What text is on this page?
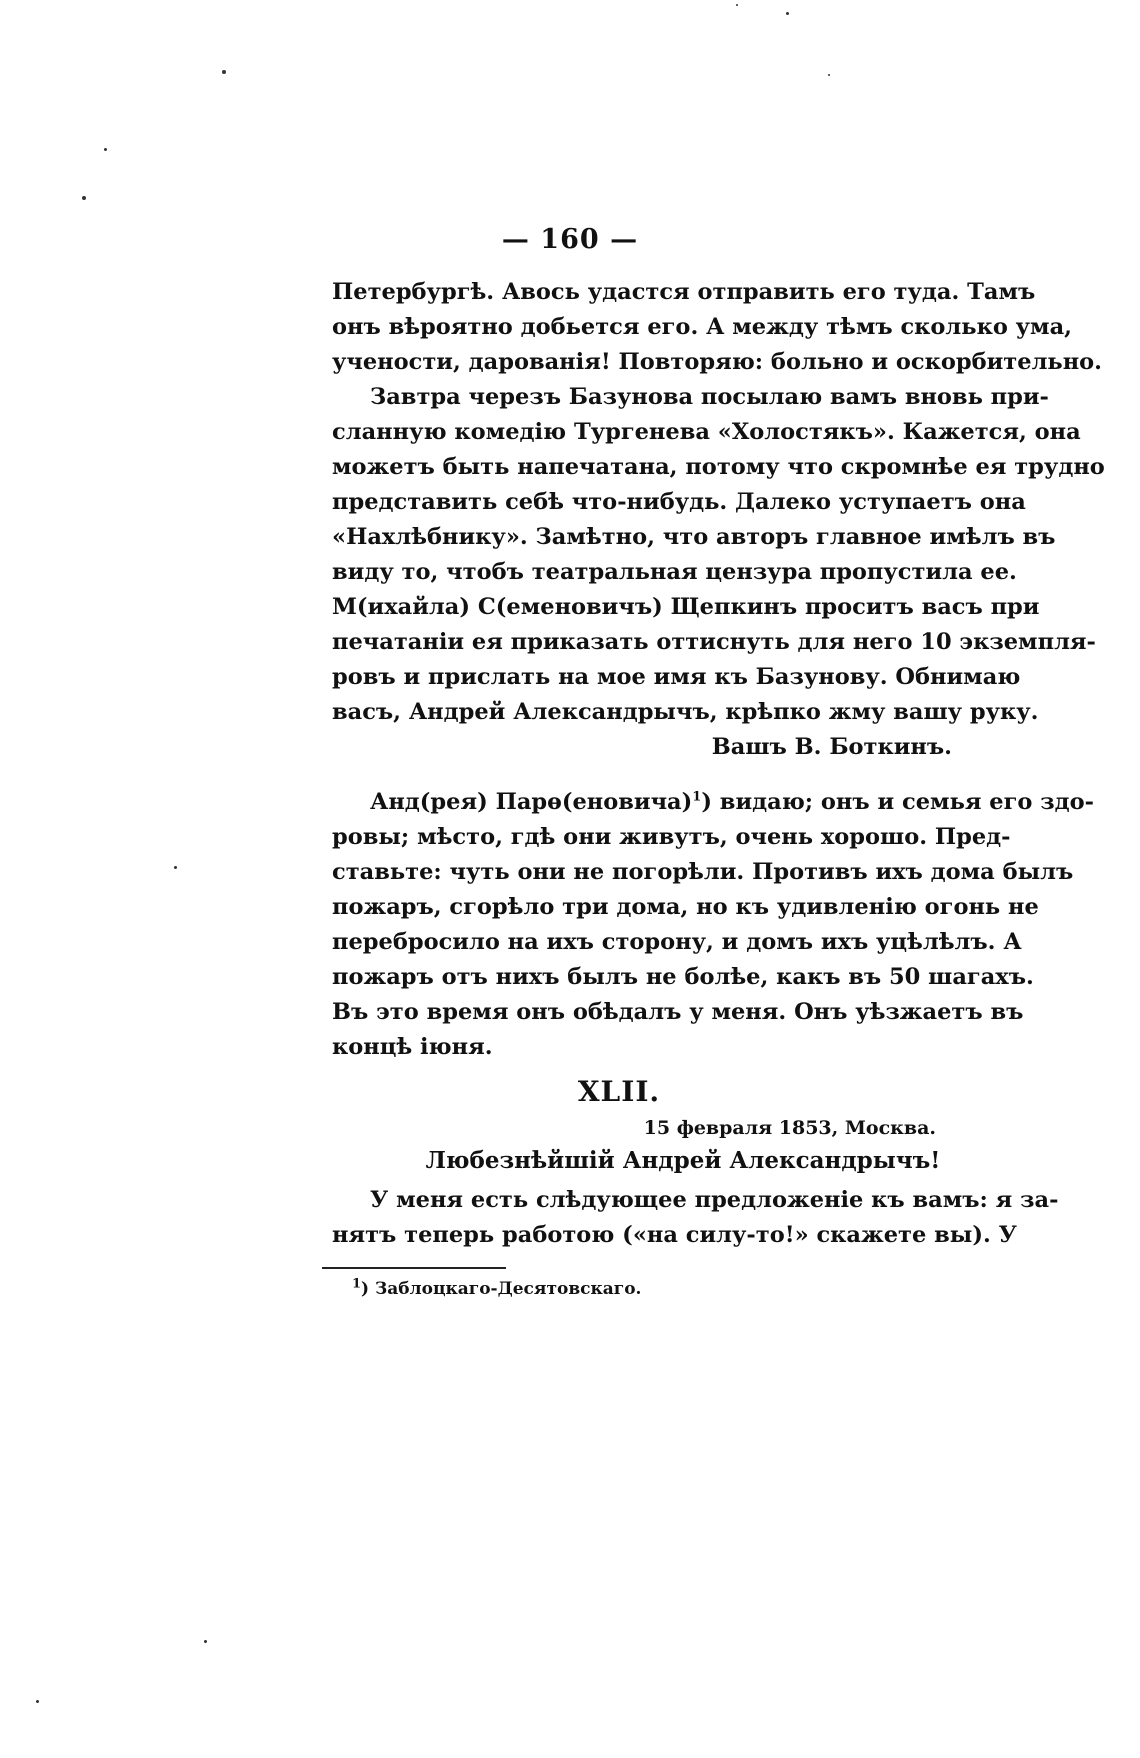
— 160 —
Петербургѣ. Авось удастся отправить его туда. Тамъ
онъ вѣроятно добьется его. А между тѣмъ сколько ума,
учености, дарованія! Повторяю: больно и оскорбительно.
Завтра черезъ Базунова посылаю вамъ вновь при-
сланную комедію Тургенева «Холостякъ». Кажется, она
можетъ быть напечатана, потому что скромнѣе ея трудно
представить себѣ что-нибудь. Далеко уступаетъ она
«Нахлѣбнику». Замѣтно, что авторъ главное имѣлъ въ
виду то, чтобъ театральная цензура пропустила ее.
М(ихайла) С(еменовичъ) Щепкинъ проситъ васъ при
печатаніи ея приказать оттиснуть для него 10 экземпля-
ровъ и прислать на мое имя къ Базунову. Обнимаю
васъ, Андрей Александрычъ, крѣпко жму вашу руку.
Вашъ В. Боткинъ.
Анд(рея) Парѳ(еновича)$^1$) видаю; онъ и семья его здо-
ровы; мѣсто, гдѣ они живутъ, очень хорошо. Пред-
ставьте: чуть они не погорѣли. Противъ ихъ дома былъ
пожаръ, сгорѣло три дома, но къ удивленію огонь не
перебросило на ихъ сторону, и домъ ихъ уцѣлѣлъ. А
пожаръ отъ нихъ былъ не болѣе, какъ въ 50 шагахъ.
Въ это время онъ обѣдалъ у меня. Онъ уѣзжаетъ въ
концѣ іюня.
XLII.
15 февраля 1853, Москва.
Любезнѣйшій Андрей Александрычъ!
У меня есть слѣдующее предложеніе къ вамъ: я за-
нятъ теперь работою («на силу-то!» скажете вы). У
$^1$) Заблоцкаго-Десятовскаго.
